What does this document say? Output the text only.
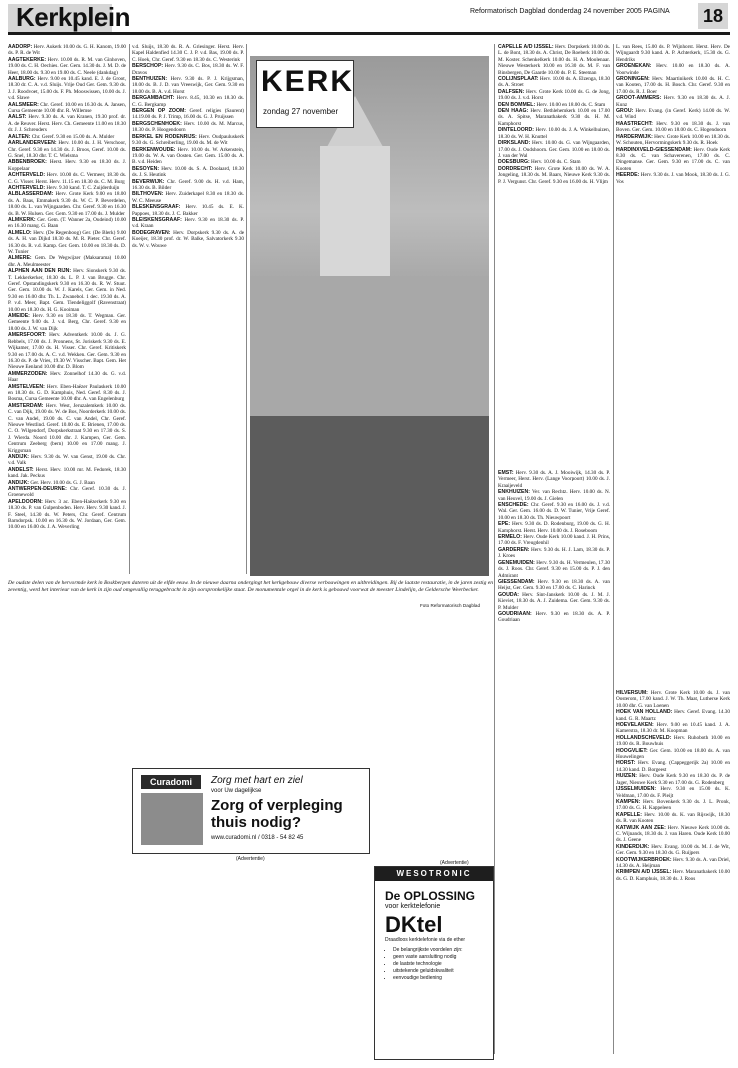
Kerkplein	Reformatorisch Dagblad donderdag 24 november 2005 PAGINA 18

AADORP: Herv. Aukerk 10.00 ds. G. H. Kanom, 19.00 ds. P. R. de Wit

AAGTEKERKE: Herv. 10.00 ds. R. M. van Ginhoven, 19.00 ds. C. H. Oechies. Ger. Gem. 14.30 ds. J. M. D. de Heer, 18.00 ds. 9.30 en 19.00 ds. C. Neele (dankdag)

AALBURG: Herv. 9.00 en 10.45 kand. E. J. de Groot, 18.30 dr. C. A. v.d. Sluijs. Vrije Oud Ger. Gem. 9.30 ds. J. J. Roodvoet, 15.00 ds. F. Ph. Mooswissen, 10.00 ds. J. v.d. Slawe

AALSMEER: Chr. Geref. 10.00 en 16.30 ds. A. Jansen, Cursa Gemeente 10.00 dhr. R. Willemse

AALST: Herv. 9.30 ds. A. van Kranen, 19.30 prof. dr. A. de Reuver. Herst. Herv. Ch. Gemeente 11.00 en 18.30 dr. J. J. Schreuders

AALTEN: Chr. Geref. 9.30 en 15.00 ds. A. Mulder

AARLANDERVEEN: Herv. 10.00 ds. J. H. Verschoor, Chr. Geref. 9.30 en 14.30 ds. J. Broos, Geref. 10.00 ds. G. Snel, 18.30 dhr. T. C. Wielsma

ABBENBROEK: Herst. Herv. 9.30 en 18.30 ds. J. Koppelaar

ACHTERVELD: Herv. 10.00 ds. C. Vermeer, 18.30 ds. C. G. Visser. Herst. Herv. 11.15 en 18.30 ds. C. M. Burg

ACHTERVELD: Herv. 9.30 kand. T. C. Zuijderduijn

ALBLASSERDAM: Herv. Grote Kerk 9.00 en 18.00 ds. A. Baas, Emmakerk 9.30 ds. W. C. P. Beverdelen, 18.00 ds. L. van Wijngaarden. Chr. Geref. 9.30 en 16.30 ds. B. W. Hulsen. Ger. Gem. 9.30 en 17.00 ds. J. Mulder

ALMKERK: Ger. Gem. (T. Wanner 2a, Oudeind) 10.00 en 16.30 mang. G. Baan

ALMELO: Herv. (De Regenboog) Ger. (De Blerk) 9.00 ds. A. H. van Dijkd 18.30 ds. M. R. Pieter. Chr. Geref. 16.30 ds. R. v.d. Kamp. Ger. Gem. 10.00 en 18.30 ds. D. W. Tunier

ALMERE: Gem. De Wegwijzer (Maksarama) 10.00 dhr. A. Meulmeester

ALPHEN AAN DEN RIJN: Herv. Sionskerk 9.30 ds. T. Lekkerkerker, 18.30 ds. L. P. J. van Brugge. Chr. Geref. Opstandingskerk 9.30 en 16.30 ds. R. W. Stuut. Ger. Gem. 10.00 ds. W. J. Karels, Ger. Gem. in Ned. 9.30 en 16.00 dhr. Th. L. Zwanebol. 1 dec. 19.30 ds. A. P. v.d. Meer, Bapt. Gem. Tiendeliggolf (Ravenstraat) 10.00 en 18.30 ds. H. G. Kooiman

AMEIDE: Herv. 9.30 en 18.30 ds. T. Wegman. Ger. Gemeente 9.00 ds. J. v.d. Berg, Chr. Geref. 9.30 en 18.00 ds. J. W. van Dijk

AMERSFOORT: Herv. Adventkerk 10.00 ds. J. G. Rebbels, 17.00 ds. J. Pronnens, St. Joriskerk 9.30 ds. E. Wijkamer, 17.00 ds. H. Visser. Chr. Geref. Kritiskerk 9.30 en 17.00 ds. A. C. v.d. Wekken. Ger. Gem. 9.30 en 16.30 ds. P. de Vries, 19.30 W. Visscher. Bapt. Gem. Het Nieuwe Eenland 10.00 dhr. D. Blom

AMMERZODEN: Herv. Zonnelhof 14.30 ds. G. v.d. Haar

AMSTELVEEN: Herv. Eben-Haëzer Paulaskerk 10.00 en 18.30 ds. G. D. Kamphuis, Ned. Geref. 8.30 ds. J. Bosma, Cursa Gemeente 10.00 dhr. A. van Engelenburg

AMSTERDAM: Herv. West, Jeruzalemkerk 10.00 ds. C. van Dijk, 19.00 ds. W. de Bos, Noorderkerk 10.00 ds. C. van Andel, 19.00 ds. C. van Andel, Chr. Geref. Nieuwe Westlind. Geref. 10.00 ds. E. Brienen, 17.00 ds. C. O. Wilgendorf, Dorpskerkstraat 9.30 en 17.30 ds. S. J. Wierda. Noord 10.00 dhr. J. Karnpen, Ger. Gem. Centrum Zeeberg (bern) 10.00 en 17.00 mang. J. Kriggsman

ANDIJK: Herv. 9.30 ds. W. van Genst, 19.00 ds. Chr. v.d. Valk

ANDELST: Herst. Herv. 10.00 mr. M. Fedorek, 18.30 kand. Jak. Peckus

ANDIJK: Ger. Herv. 10.00 ds. G. J. Baan

ANTWERPEN-DEURNE: Chr. Geref. 10.30 ds. J. Groenewold

APELDOORN: Herv. 3 ac. Eben-Haëzerkerk 9.30 en 18.30 ds. P. van Gulpenboden. Herv. Herv. 9.30 kand. J. F. Steel, 14.30 ds. W. Peters, Chr. Geref. Centrum Barndorpsk. 10.00 en 16.30 ds. W. Jordaan, Ger. Gem. 10.00 en 16.00 ds. J. A. Weverling

v.d. Sluijs, 18.30 ds. R. A. Griesinger. Herst. Herv. Kapel Haldenfied 14.30 C. J. P. v.d. Bas, 19.00 ds. P. C. Hoek, Chr. Geref. 9.30 en 18.30 ds. C. Westerink

BERSCHOP: Herv. 9.30 ds. C. Bos, 18.30 ds. W. F. Dravos

BENTHUIZEN: Herv. 9.30 ds. P. J. Krijgsman, 18.00 ds. B. J. D. van Vreeswijk, Ger. Gem. 9.30 en 18.00 ds. B. A. v.d. Horst

BERGAMBACHT: Herv. 8.45, 10.30 en 18.30 ds. C. G. Bergkamp

BERGEN OP ZOOM: Geref. religies (Saurent) 14.19.00 ds. P. J. Trimp, 16.00 ds. G. J. Pruijssen

BERGSCHENHOEK: Herv. 10.00 ds. M. Marcus, 18.30 ds. P. Hoogendoorn

BERKEL EN RODENRIJS: Herv. Oudpauluskerk 9.30 ds. G. Schreiberling, 19.00 ds. M. de Wit

BERKENWOUDE: Herv. 10.00 ds. W. Arkenstein, 19.00 ds. W. A. van Oosten. Ger. Gem. 15.00 ds. A. B. v.d. Heiden

BESOYEN: Herv. 10.00 ds. S. A. Doolaard, 18.30 ds. J. S. Heutink

BEVERWIJK: Chr. Geref. 9.00 ds. H. v.d. Ham, 16.30 ds. B. Bilder

BILTHOVEN: Herv. Zuiderkapel 8.30 en 18.30 ds. W. C. Meeuse

BLESKENSGRAAF: Herv. 10.45 ds. E. K. Pappoes, 18.30 ds. J. C. Bakker

BLEISKENSGRAAF: Herv. 9.30 en 18.30 ds. P. v.d. Kraan

BODEGRAVEN: Herv. Dorpskerk 9.30 ds. A. de Koeijer, 18.30 prof. dr. W. Balke, Salvatorkerk 9.30 ds. W. v. Wouwe

CAPELLE A/D IJSSEL: Herv. Dorpskerk 10.00 ds. L. de Bont, 18.30 ds. A. Christ, De Roeberk 10.00 ds. M. Koster. Schenkelkerk 10.00 ds. H. A. Moolenaar. Nieuwe Westerkerk 10.00 en 16.30 ds. M. F. van Binsbergen, De Gaarde 10.00 ds. P. E. Steeman

COLIJNSPLAAT: Herv. 10.00 ds. A. Elzenga, 18.30 ds. A. Stroet

DALFSEN: Herv. Grote Kerk 10.00 ds. G. de Jong, 19.00 ds. J. v.d. Horst

DEN BOMMEL: Herv. 10.00 en 18.00 ds. C. Stam

DEN HAAG: Herv. Bethlehemkerk 10.00 en 17.00 ds. A. Spitse, Maranathakerk 9.30 ds. H. M. Kamphorst

DINTELOORD: Herv. 10.00 ds. J. A. Winkelhuizen, 18.30 ds. W. H. Knuttel

DIRKSLAND: Herv. 10.00 ds. G. van Wijngaarden, 17.00 ds. J. Oudshoorn. Ger. Gem. 10.00 en 18.00 ds. J. van der Wal

DOESBURG: Herv. 10.00 ds. C. Stam

DORDRECHT: Herv. Grote Kerk 10.00 ds. W. A. Jongeling, 18.30 ds. M. Baars, Nieuwe Kerk 9.30 ds. P. J. Vergunst. Chr. Geref. 9.30 en 16.00 ds. H. Vlijm

EMST: Herv. 9.30 ds. A. J. Mooiwijk, 14.30 ds. P. Vermeer, Herst. Herv. (Lange Voorpoort) 10.00 ds. J. Kraaijeveld

ENKHUIZEN: Ver. van Rechtz. Herv. 10.00 ds. N. van Heuvel, 19.00 ds. J. Gielen

ENSCHEDE: Chr. Geref. 9.30 en 16.00 ds. J. v.d. Wal. Ger. Gem. 16.00 ds. D. W. Tunier, Vrije Geref. 10.00 en 18.30 ds. Th. Nieuwpoort

EPE: Herv. 9.30 ds. D. Rodenburg, 19.00 ds. G. H. Kamphorst. Herst. Herv. 10.00 ds. J. Roseboom

ERMELO: Herv. Oude Kerk 10.00 kand. J. H. Prins, 17.00 ds. F. Vreugdenhil

GARDEREN: Herv. 9.30 ds. H. J. Lam, 18.30 ds. P. J. Kroes

GENEMUIDEN: Herv. 9.30 ds. H. Vermeulen, 17.30 ds. J. Roos. Chr. Geref. 9.30 en 15.00 ds. P. J. den Admirant

GIESSENDAM: Herv. 9.30 en 18.30 ds. A. van Heijst, Ger. Gem. 9.30 en 17.00 ds. C. Harinck

GOUDA: Herv. Sint-Janskerk 10.00 ds. J. M. J. Kieviet, 18.30 ds. A. J. Zuidema. Ger. Gem. 9.30 ds. P. Mulder

GOUDRIAAN: Herv. 9.30 en 18.30 ds. A. P. Goudriaan

L. van Rees, 15.00 ds. P. Wijnhorst. Herst. Herv. De Wijngaardt 9.30 kand. A. P. Achterkerk, 15.30 ds. G. Hendriks

GROENEKAN: Herv. 10.00 en 18.30 ds. A. Voorwinde

GRONINGEN: Herv. Maartinikerk 10.00 ds. H. C. van Kooten, 17.00 ds. H. Bosch. Chr. Geref. 9.30 en 17.00 ds. R. J. Boer

GROOT-AMMERS: Herv. 9.30 en 18.30 ds. A. J. Kunz

GROU: Herv. Evang. (in Geref. Kerk) 14.00 ds. W. v.d. Wind

HAASTRECHT: Herv. 9.30 en 18.30 ds. J. van Boven. Ger. Gem. 10.00 en 18.00 ds. C. Hogendoorn

HARDERWIJK: Herv. Grote Kerk 10.00 en 18.30 ds. W. Schouten, Hervormingskerk 9.30 ds. R. Hoek

HARDINXVELD-GIESSENDAM: Herv. Oude Kerk 8.30 ds. C. van Schaverenen, 17.00 ds. C. Dingemanse. Ger. Gem. 9.30 en 17.00 ds. C. van Kooten

HEERDE: Herv. 9.30 ds. J. van Mook, 18.30 ds. J. G. Vos

HILVERSUM: Herv. Grote Kerk 10.00 ds. J. van Oosterom, 17.00 kand. J. W. Th. Maat, Lutherse Kerk 10.00 dhr. G. van Loenen

HOEK VAN HOLLAND: Herv. Geref. Evang. 14.30 kand. G. R. Maartz

HOEVELAKEN: Herv. 9.00 en 10.45 kand. J. A. Kamerstra, 18.30 dr. M. Koopman

HOLLANDSCHEVELD: Herv. Ruhoboth 10.00 en 19.00 ds. R. Bouwhuis

HOOGVLIET: Ger. Gem. 10.00 en 18.00 ds. A. van Houwelingen

HORST: Herv. Evang. (Cappeggerijk 2a) 10.00 en 14.30 kand. D. Borgeest

HUIZEN: Herv. Oude Kerk 9.30 en 18.30 ds. P. de Jager, Nieuwe Kerk 9.30 en 17.00 ds. G. Rodenberg

IJSSELMUIDEN: Herv. 9.30 en 15.00 ds. K. Veldman, 17.00 ds. F. Pleijt

KAMPEN: Herv. Bovenkerk 9.30 ds. J. L. Pronk, 17.00 ds. G. H. Kappeleen

KAPELLE: Herv. 10.00 ds. K. van Rijswijk, 18.30 ds. R. van Kooten

KATWIJK AAN ZEE: Herv. Nieuwe Kerk 10.00 ds. C. Wijnands, 18.30 ds. J. van Haren. Oude Kerk 10.00 ds. J. Geene

KINDERDIJK: Herv. Evang. 10.00 ds. M. J. de Wit, Ger. Gem. 9.30 en 18.30 ds. G. Ruijpers

KOOTWIJKERBROEK: Herv. 9.30 ds. A. van Driel, 14.30 ds. A. Heijman

KRIMPEN A/D IJSSEL: Herv. Maranathakerk 10.00 ds. G. D. Kamphuis, 18.30 ds. J. Roos

KERK
zondag 27 november
De oudste delen van de hervormde kerk in Boskberpen dateren uit de elfde eeuw. In de nieuwe daarna ondergingt het kerkgebouw diverse verbouwingen en uitbreidingen. Bij de laatste restauratie, in de jaren zestig en zeventig, werd het interieur van de kerk in zijn oud omgevallig teruggebracht in zijn oorspronkelijke staat. De monumentale orgel in de kerk is gebouwd voorwat de meester Lindelijn, de Geldersche Weerbecker.
Foto Reformatorisch Dagblad
Curadomi	Zorg met hart en ziel
voor Uw dagelijkse
Zorg of verpleging thuis nodig?
www.curadomi.nl / 0318 - 54 82 45
(Advertentie)
WESOTRONIC
De OPLOSSING
voor kerktelefonie
DKtel
Draadloos kerktelefonie via de ether
• De belangrijkste voordelen zijn:
• geen vaste aansluiting nodig
• de laatste technologie
• uitstekende geluidskwaliteit
• eenvoudige bediening
(Advertentie)
